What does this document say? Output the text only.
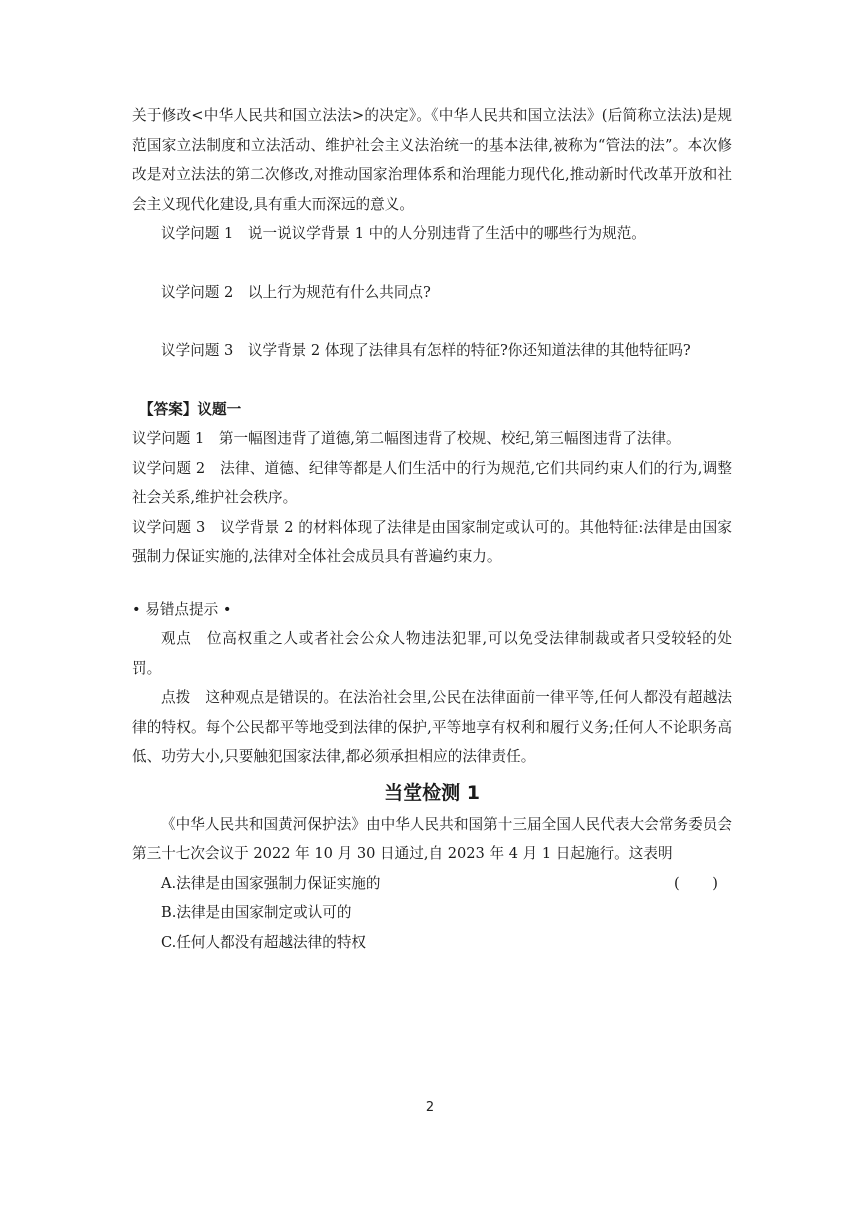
关于修改<中华人民共和国立法法>的决定》。《中华人民共和国立法法》(后简称立法法)是规范国家立法制度和立法活动、维护社会主义法治统一的基本法律,被称为“管法的法”。本次修改是对立法法的第二次修改,对推动国家治理体系和治理能力现代化,推动新时代改革开放和社会主义现代化建设,具有重大而深远的意义。

议学问题 1　说一说议学背景 1 中的人分别违背了生活中的哪些行为规范。

议学问题 2　以上行为规范有什么共同点?

议学问题 3　议学背景 2 体现了法律具有怎样的特征?你还知道法律的其他特征吗?

【答案】议题一

议学问题 1　第一幅图违背了道德,第二幅图违背了校规、校纪,第三幅图违背了法律。

议学问题 2　法律、道德、纪律等都是人们生活中的行为规范,它们共同约束人们的行为,调整社会关系,维护社会秩序。

议学问题 3　议学背景 2 的材料体现了法律是由国家制定或认可的。其他特征:法律是由国家强制力保证实施的,法律对全体社会成员具有普遍约束力。

• 易错点提示 •

观点　位高权重之人或者社会公众人物违法犯罪,可以免受法律制裁或者只受较轻的处罚。

点拨　这种观点是错误的。在法治社会里,公民在法律面前一律平等,任何人都没有超越法律的特权。每个公民都平等地受到法律的保护,平等地享有权利和履行义务;任何人不论职务高低、功劳大小,只要触犯国家法律,都必须承担相应的法律责任。

当堂检测 1

《中华人民共和国黄河保护法》由中华人民共和国第十三届全国人民代表大会常务委员会第三十七次会议于 2022 年 10 月 30 日通过,自 2023 年 4 月 1 日起施行。这表明
( )

A.法律是由国家强制力保证实施的

B.法律是由国家制定或认可的

C.任何人都没有超越法律的特权

2
